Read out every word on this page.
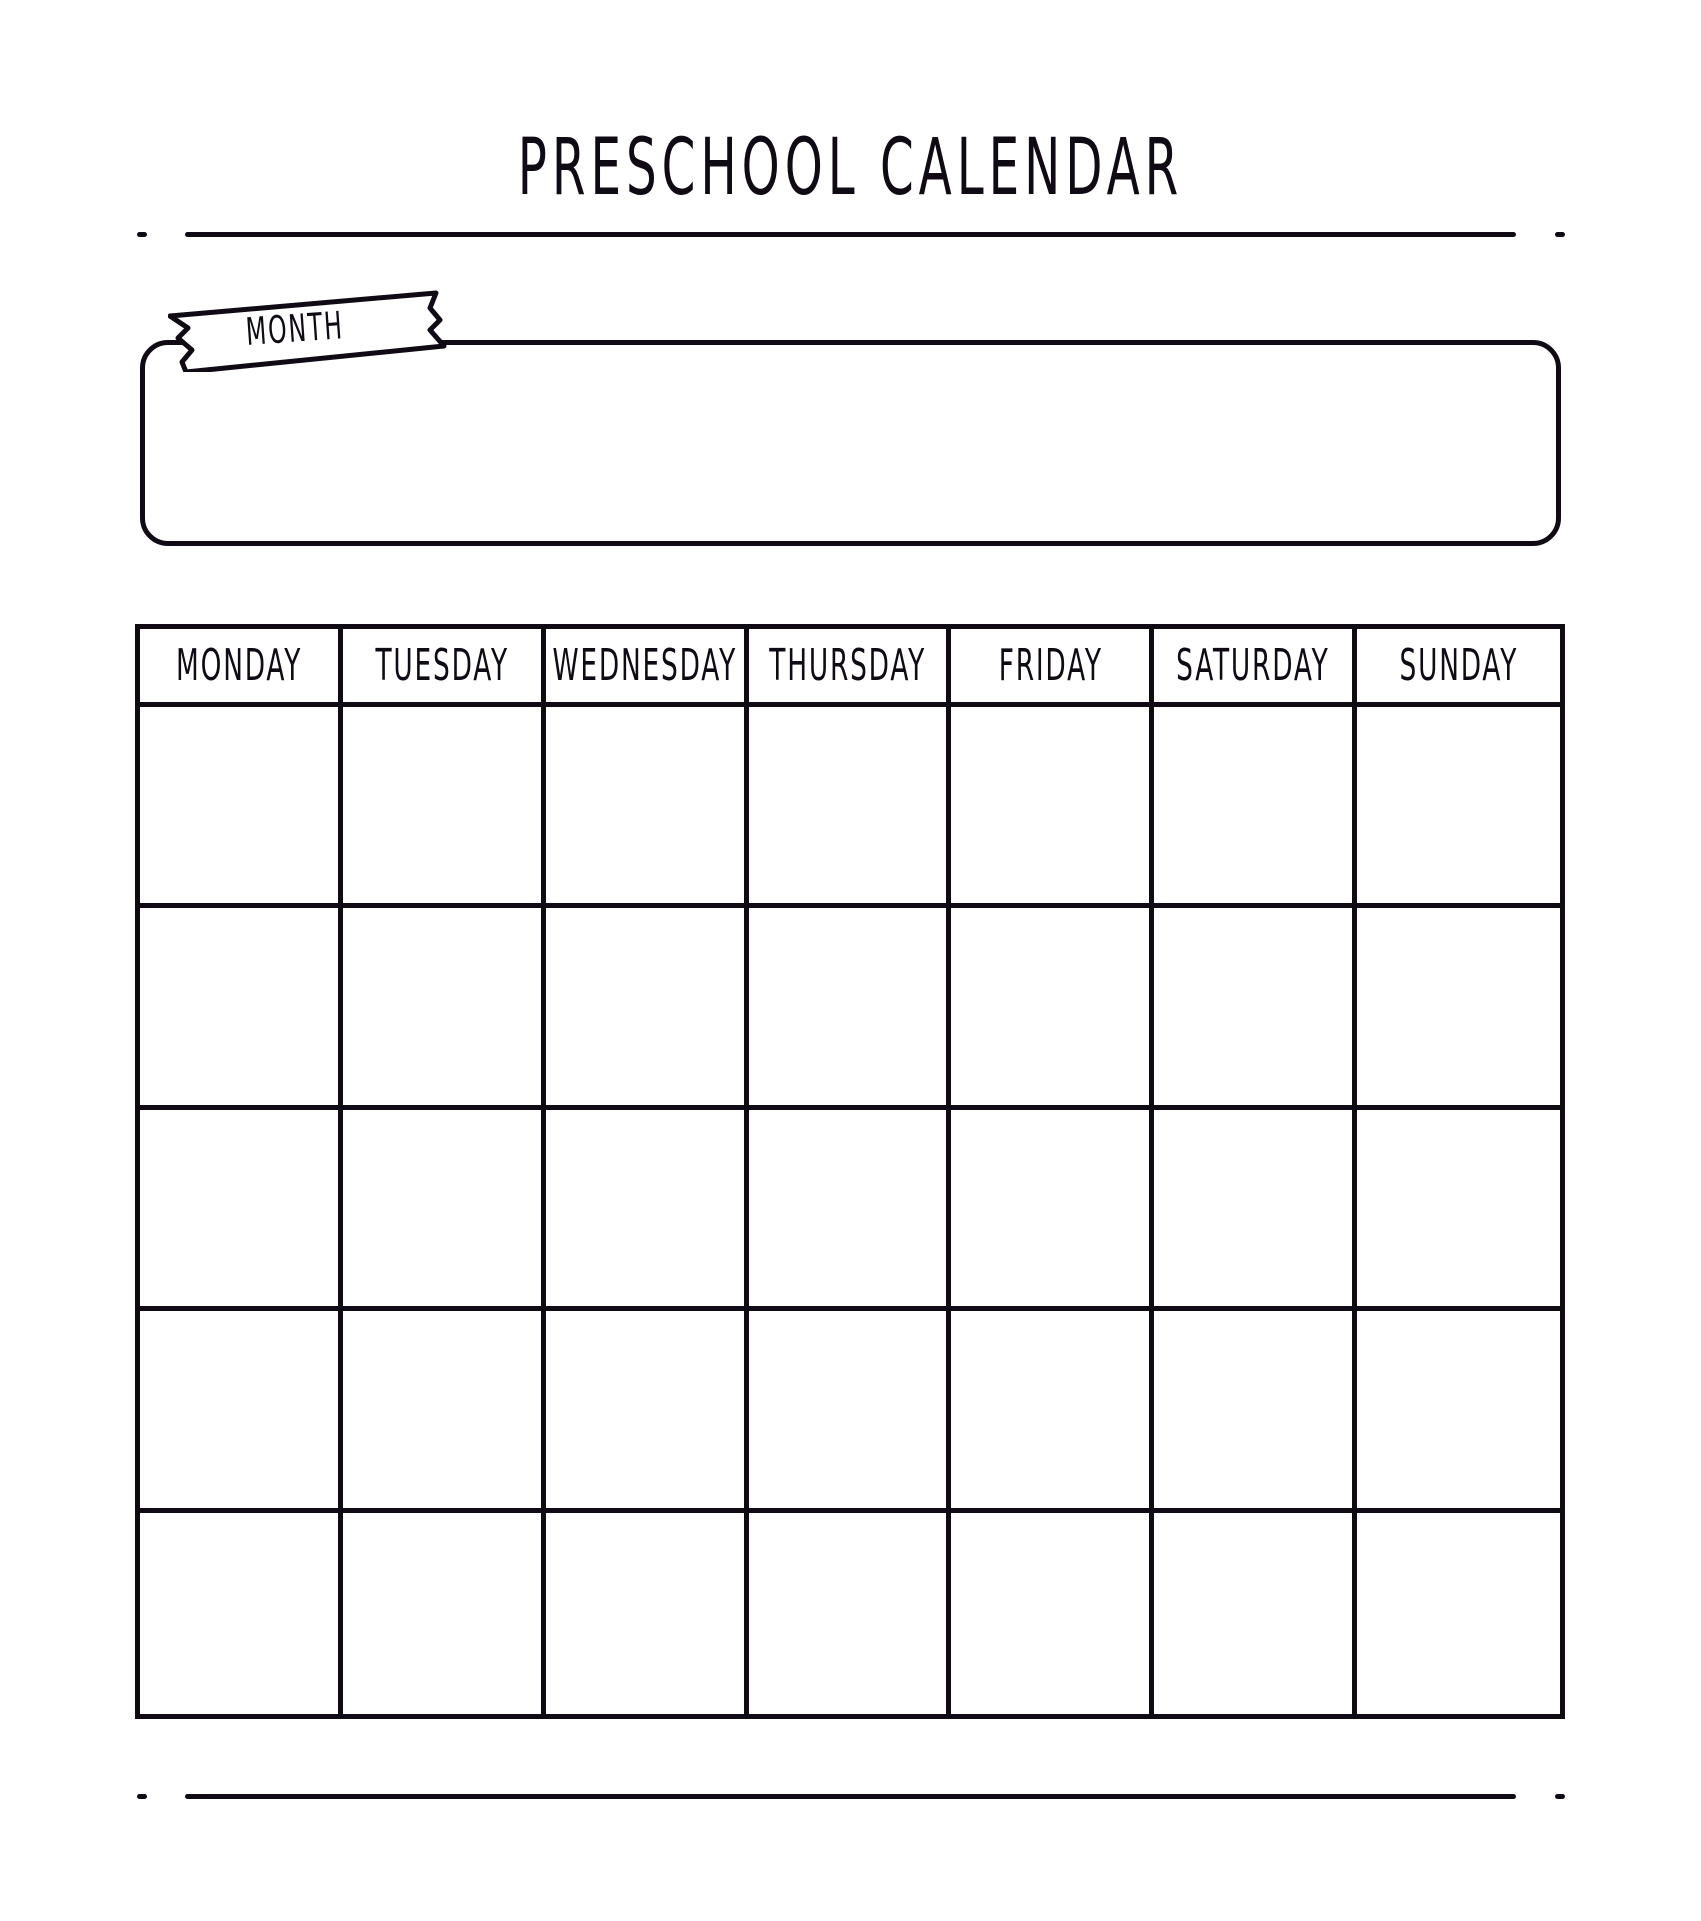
PRESCHOOL CALENDAR
MONTH
MONDAY TUESDAY WEDNESDAY THURSDAY FRIDAY SATURDAY SUNDAY
